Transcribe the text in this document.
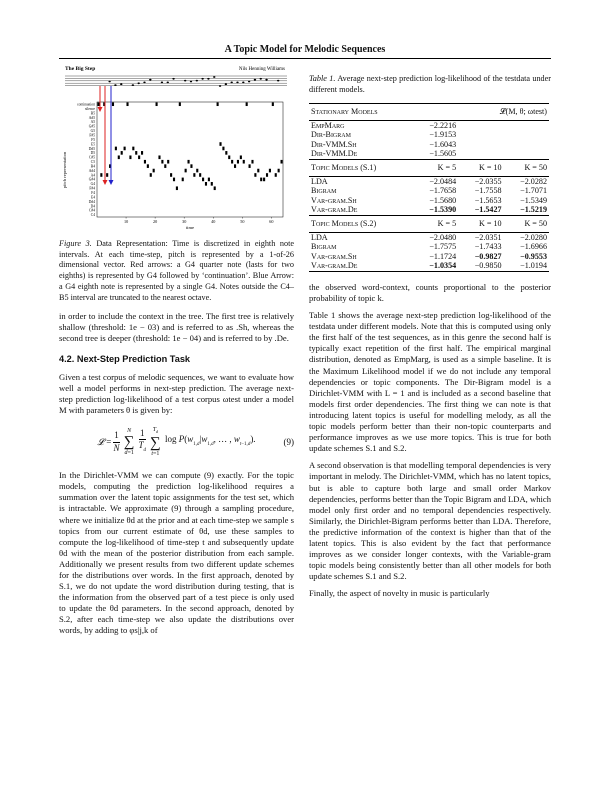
A Topic Model for Melodic Sequences
The Big Step	Nils Henning Williams
continuation
silence
B5
A#5
A5
G#5
G5
F#5
F5
E5
D#5
D5
C#5
C5
B4
A#4
A4
G#4
G4
F#4
F4
E4
D#4
D4
C#4
C4
pitch representation
10	20	30	40	50	60
time
Figure 3. Data Representation: Time is discretized in eighth note intervals. At each time-step, pitch is represented by a 1-of-26 dimensional vector. Red arrows: a G4 quarter note (lasts for two eighths) is represented by G4 followed by ‘continuation’. Blue Arrow: a G4 eighth note is represented by a single G4. Notes outside the C4–B5 interval are truncated to the nearest octave.

in order to include the context in the tree. The first tree is relatively shallow (threshold: 1e − 03) and is referred to as .Sh, whereas the second tree is deeper (threshold: 1e − 04) and is referred to by .De.

4.2. Next-Step Prediction Task

Given a test corpus of melodic sequences, we want to evaluate how well a model performs in next-step prediction. The average next-step prediction log-likelihood of a test corpus ωtest under a model M with parameters θ is given by:

𝓛 = $\frac{1}{N}$ N
∑
$d=1 \frac{1}{T_d} T_d$
∑
t=1
$\log P(w_{1,d}|w_{1,d}$, … , $w_{t-1,d}$).	(9)

In the Dirichlet-VMM we can compute (9) exactly. For the topic models, computing the prediction log-likelihood requires a summation over the latent topic assignments for the test set, which is intractable. We approximate (9) through a sampling procedure, where we initialize θd at the prior and at each time-step we sample s topics from our current estimate of θd, use these samples to compute the log-likelihood of time-step t and subsequently update θd with the mean of the posterior distribution from each sample. Additionally we present results from two different update schemes for the distributions over words. In the first approach, denoted by S.1, we do not update the word distribution during testing, that is the information from the observed part of a test piece is only used to update the θd parameters. In the second approach, denoted by S.2, after each time-step we also update the distributions over words, by adding to φs|j,k of

Table 1. Average next-step prediction log-likelihood of the testdata under different models.
Stationary Models	𝓛(M, θ; ωtest)		
EmpMarg	−2.2216		
Dir-Bigram	−1.9153		
Dir-VMM.Sh	−1.6043		
Dir-VMM.De	−1.5605		
Topic Models (S.1)	K = 5	K = 10	K = 50
LDA	−2.0484	−2.0355	−2.0282
Bigram	−1.7658	−1.7558	−1.7071
Var-gram.Sh	−1.5680	−1.5653	−1.5349
Var-gram.De	−1.5390	−1.5427	−1.5219
Topic Models (S.2)	K = 5	K = 10	K = 50
LDA	−2.0480	−2.0351	−2.0280
Bigram	−1.7575	−1.7433	−1.6966
Var-gram.Sh	−1.1724	−0.9827	−0.9553
Var-gram.De	−1.0354	−0.9850	−1.0194

the observed word-context, counts proportional to the posterior probability of topic k.

Table 1 shows the average next-step prediction log-likelihood of the testdata under different models. Note that this is computed using only the first half of the test sequences, as in this genre the second half is typically exact repetition of the first half. The empirical marginal distribution, denoted as EmpMarg, is used as a simple baseline. It is the Maximum Likelihood model if we do not include any temporal dependencies or topic components. The Dir-Bigram model is a Dirichlet-VMM with L = 1 and is included as a second baseline that models first order dependencies. The first thing we can note is that introducing latent topics is useful for modelling melody, as all the topic models perform better than their non-topic counterparts and performance improves as we use more topics. This is true for both update schemes S.1 and S.2.

A second observation is that modelling temporal dependencies is very important in melody. The Dirichlet-VMM, which has no latent topics, but is able to capture both large and small order Markov dependencies, performs better than the Topic Bigram and LDA, which model only first order and no temporal dependencies respectively. Similarly, the Dirichlet-Bigram performs better than LDA. Therefore, the predictive information of the context is higher than that of the latent topics. This is also evident by the fact that performance improves as we consider longer contexts, with the Variable-gram topic models being consistently better than all other models for both update schemes S.1 and S.2.

Finally, the aspect of novelty in music is particularly
